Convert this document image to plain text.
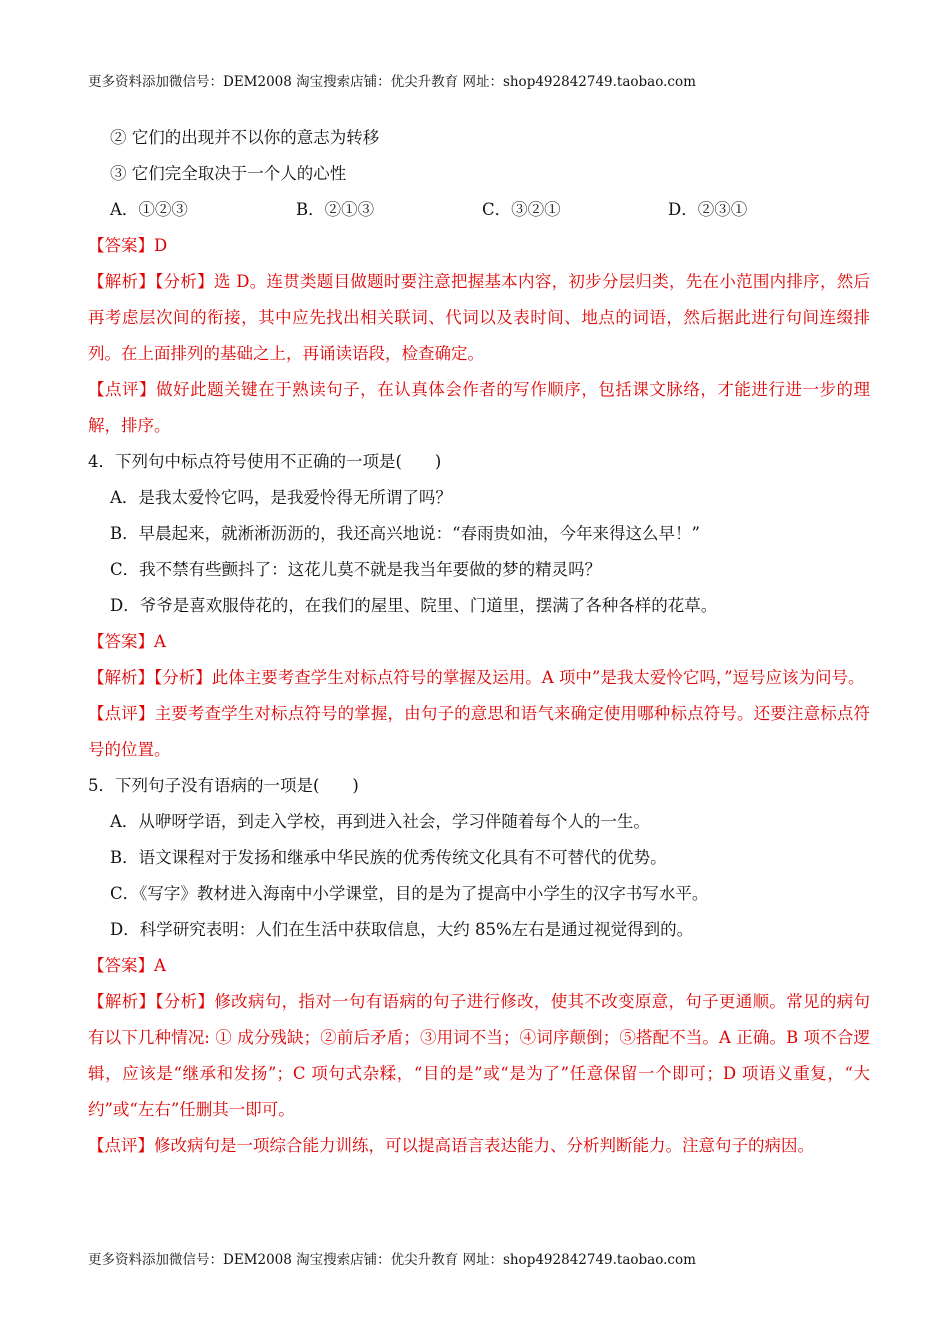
更多资料添加微信号：DEM2008 淘宝搜索店铺：优尖升教育 网址：shop492842749.taobao.com
② 它们的出现并不以你的意志为转移
③ 它们完全取决于一个人的心性
A．①②③	B．②①③	C．③②①	D．②③①
【答案】D
【解析】【分析】选 D。连贯类题目做题时要注意把握基本内容，初步分层归类，先在小范围内排序，然后再考虑层次间的衔接，其中应先找出相关联词、代词以及表时间、地点的词语，然后据此进行句间连缀排列。在上面排列的基础之上，再诵读语段，检查确定。
【点评】做好此题关键在于熟读句子，在认真体会作者的写作顺序，包括课文脉络，才能进行进一步的理解，排序。
4．下列句中标点符号使用不正确的一项是(　　)
A．是我太爱怜它吗，是我爱怜得无所谓了吗？
B．早晨起来，就淅淅沥沥的，我还高兴地说：“春雨贵如油，今年来得这么早！”
C．我不禁有些颤抖了：这花儿莫不就是我当年要做的梦的精灵吗？
D．爷爷是喜欢服侍花的，在我们的屋里、院里、门道里，摆满了各种各样的花草。
【答案】A
【解析】【分析】此体主要考查学生对标点符号的掌握及运用。A 项中”是我太爱怜它吗，”逗号应该为问号。
【点评】主要考查学生对标点符号的掌握，由句子的意思和语气来确定使用哪种标点符号。还要注意标点符号的位置。
5．下列句子没有语病的一项是(　　)
A．从咿呀学语，到走入学校，再到进入社会，学习伴随着每个人的一生。
B．语文课程对于发扬和继承中华民族的优秀传统文化具有不可替代的优势。
C．《写字》教材进入海南中小学课堂，目的是为了提高中小学生的汉字书写水平。
D．科学研究表明：人们在生活中获取信息，大约 85%左右是通过视觉得到的。
【答案】A
【解析】【分析】修改病句，指对一句有语病的句子进行修改，使其不改变原意，句子更通顺。常见的病句有以下几种情况: ① 成分残缺；②前后矛盾；③用词不当；④词序颠倒；⑤搭配不当。A 正确。B 项不合逻辑，应该是“继承和发扬”；C 项句式杂糅，“目的是”或“是为了”任意保留一个即可；D 项语义重复，“大约”或“左右”任删其一即可。
【点评】修改病句是一项综合能力训练，可以提高语言表达能力、分析判断能力。注意句子的病因。
更多资料添加微信号：DEM2008 淘宝搜索店铺：优尖升教育 网址：shop492842749.taobao.com
